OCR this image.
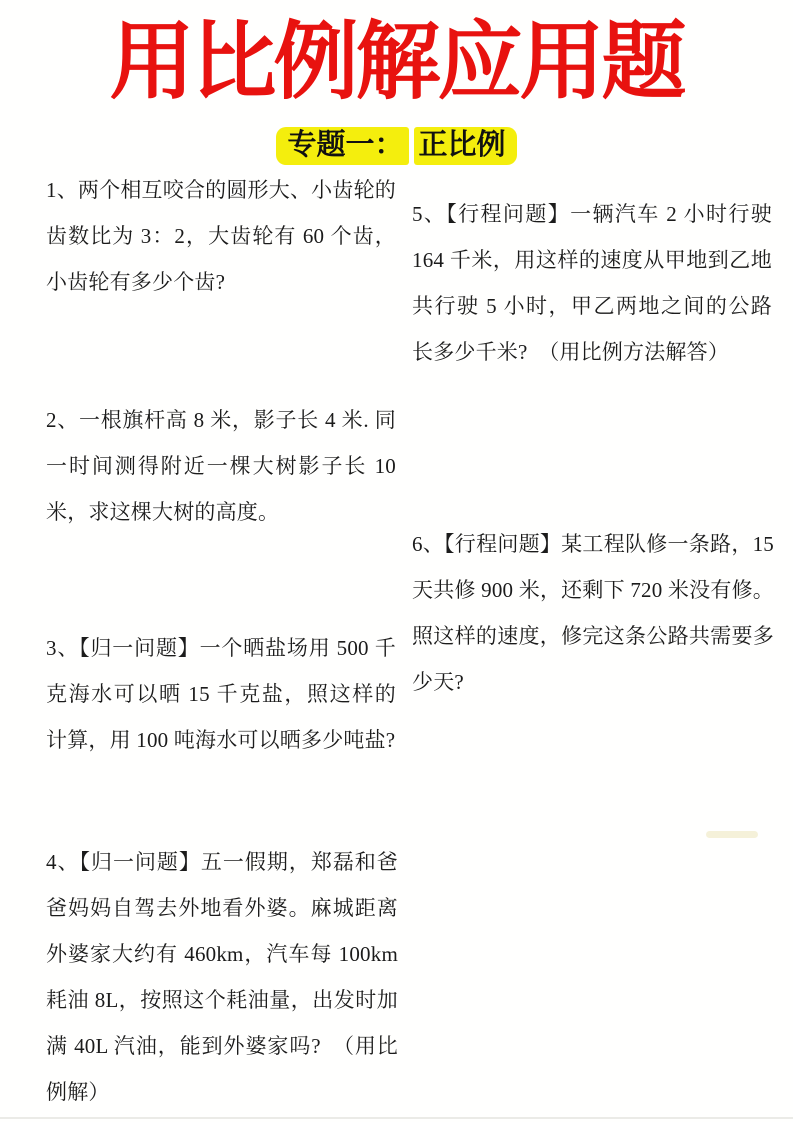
用比例解应用题
专题一： 正比例

1、两个相互咬合的圆形大、小齿轮的齿数比为 3：2，大齿轮有 60 个齿，小齿轮有多少个齿?

2、一根旗杆高 8 米，影子长 4 米. 同一时间测得附近一棵大树影子长 10 米，求这棵大树的高度。

3、【归一问题】一个晒盐场用 500 千克海水可以晒 15 千克盐，照这样的计算，用 100 吨海水可以晒多少吨盐?

4、【归一问题】五一假期，郑磊和爸爸妈妈自驾去外地看外婆。麻城距离外婆家大约有 460km，汽车每 100km 耗油 8L，按照这个耗油量，出发时加满 40L 汽油，能到外婆家吗?　（用比例解）

5、【行程问题】一辆汽车 2 小时行驶 164 千米，用这样的速度从甲地到乙地共行驶 5 小时，甲乙两地之间的公路长多少千米?　（用比例方法解答）

6、【行程问题】某工程队修一条路，15 天共修 900 米，还剩下 720 米没有修。照这样的速度，修完这条公路共需要多少天?
